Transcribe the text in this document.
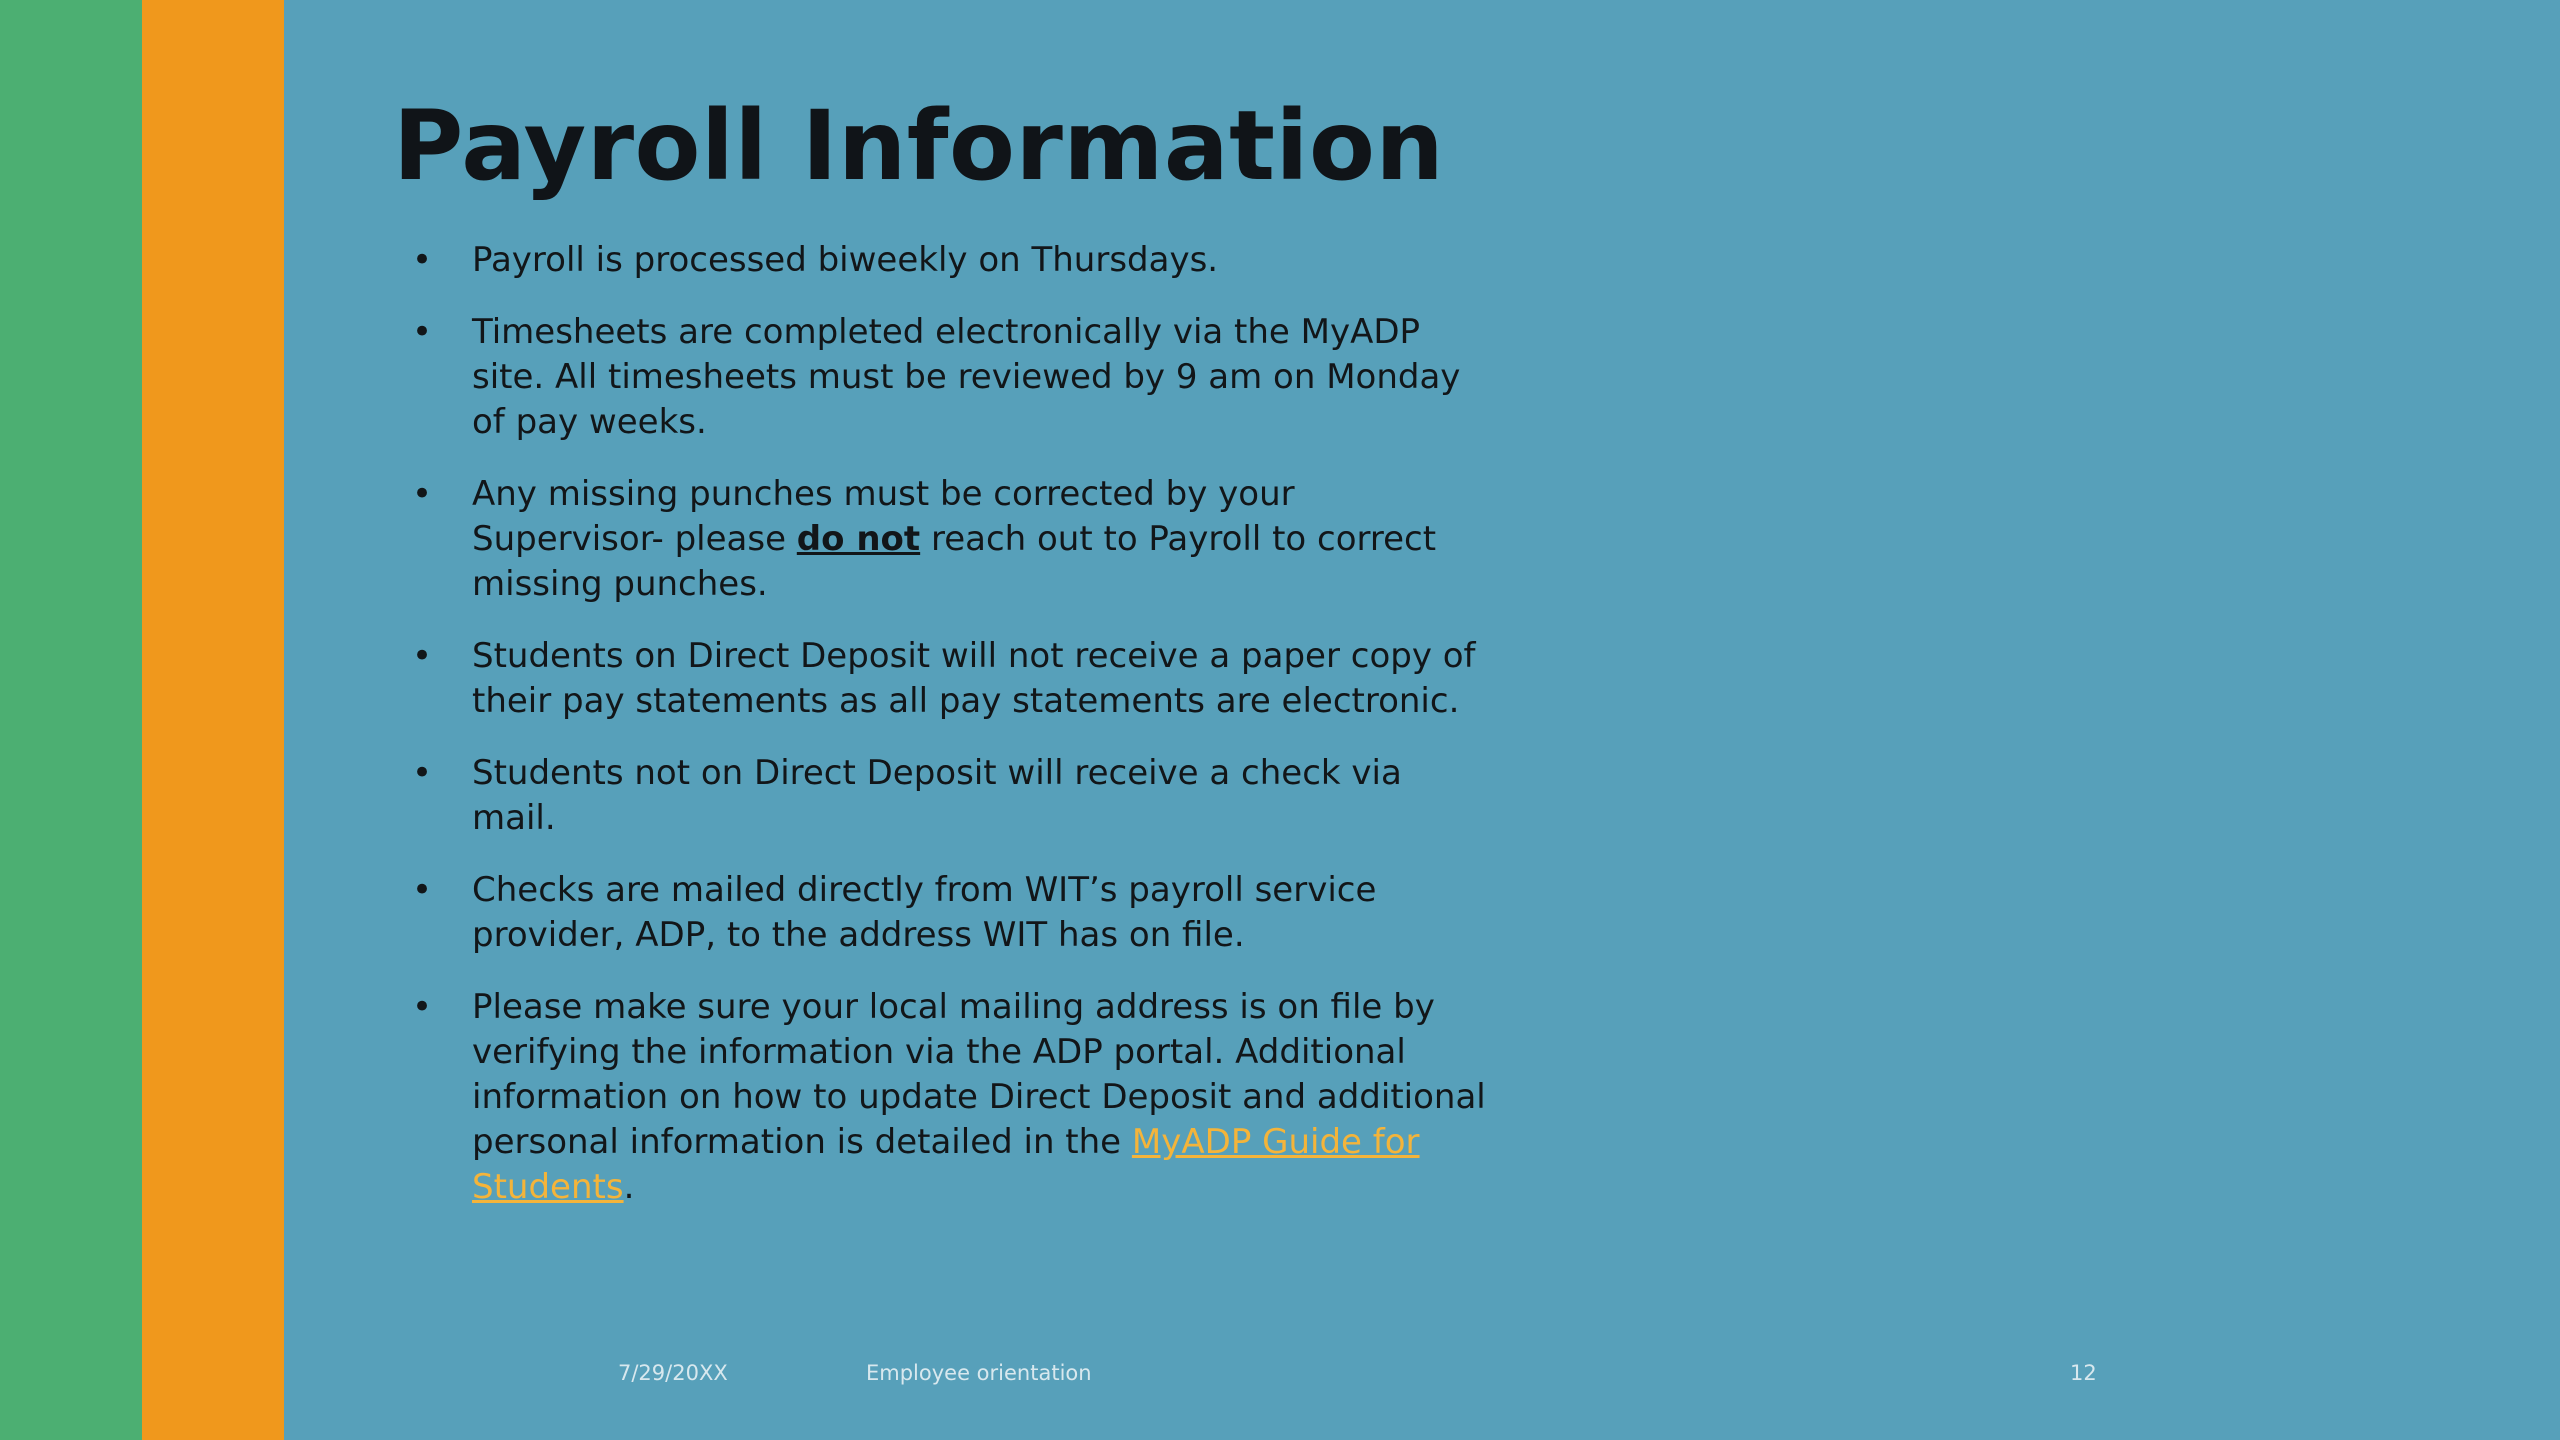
Payroll Information
• Payroll is processed biweekly on Thursdays.
• Timesheets are completed electronically via the MyADP site. All timesheets must be reviewed by 9 am on Monday of pay weeks.
• Any missing punches must be corrected by your Supervisor- please do not reach out to Payroll to correct missing punches.
• Students on Direct Deposit will not receive a paper copy of their pay statements as all pay statements are electronic.
• Students not on Direct Deposit will receive a check via mail.
• Checks are mailed directly from WIT’s payroll service provider, ADP, to the address WIT has on file.
• Please make sure your local mailing address is on file by verifying the information via the ADP portal. Additional information on how to update Direct Deposit and additional personal information is detailed in the MyADP Guide for Students.
7/29/20XX	Employee orientation	12
